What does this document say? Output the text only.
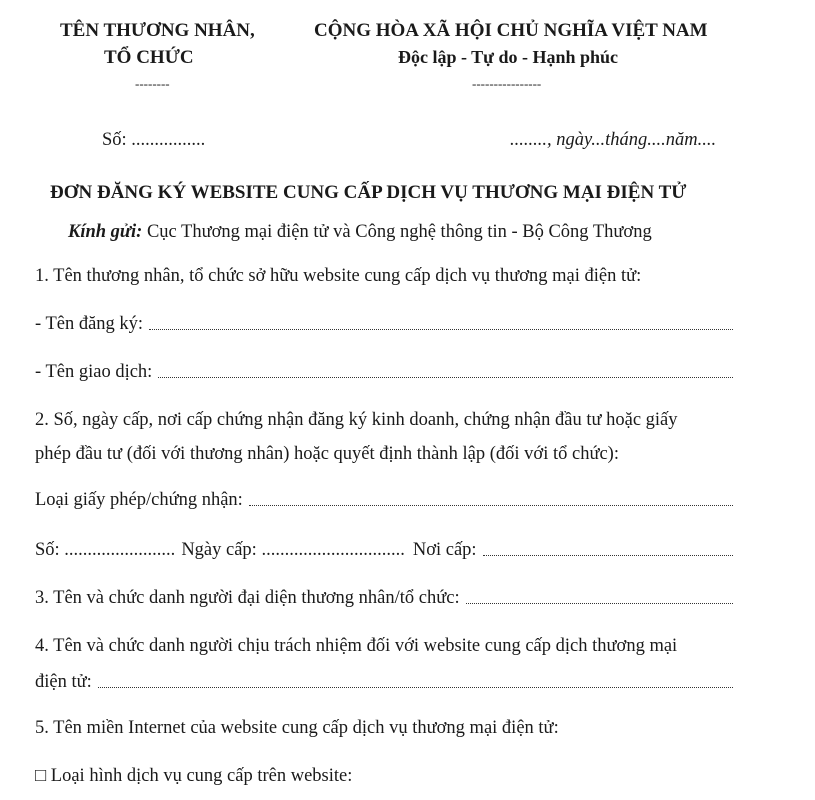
TÊN THƯƠNG NHÂN,
TỔ CHỨC
--------
CỘNG HÒA XÃ HỘI CHỦ NGHĨA VIỆT NAM
Độc lập - Tự do - Hạnh phúc
----------------
Số: ................	........, ngày...tháng....năm....
ĐƠN ĐĂNG KÝ WEBSITE CUNG CẤP DỊCH VỤ THƯƠNG MẠI ĐIỆN TỬ
Kính gửi: Cục Thương mại điện tử và Công nghệ thông tin - Bộ Công Thương
1. Tên thương nhân, tổ chức sở hữu website cung cấp dịch vụ thương mại điện tử:
- Tên đăng ký:
- Tên giao dịch:
2. Số, ngày cấp, nơi cấp chứng nhận đăng ký kinh doanh, chứng nhận đầu tư hoặc giấy
phép đầu tư (đối với thương nhân) hoặc quyết định thành lập (đối với tổ chức):
Loại giấy phép/chứng nhận:
Số: ........................ Ngày cấp: ............................... Nơi cấp:
3. Tên và chức danh người đại diện thương nhân/tổ chức:
4. Tên và chức danh người chịu trách nhiệm đối với website cung cấp dịch thương mại
điện tử:
5. Tên miền Internet của website cung cấp dịch vụ thương mại điện tử:
□ Loại hình dịch vụ cung cấp trên website:
